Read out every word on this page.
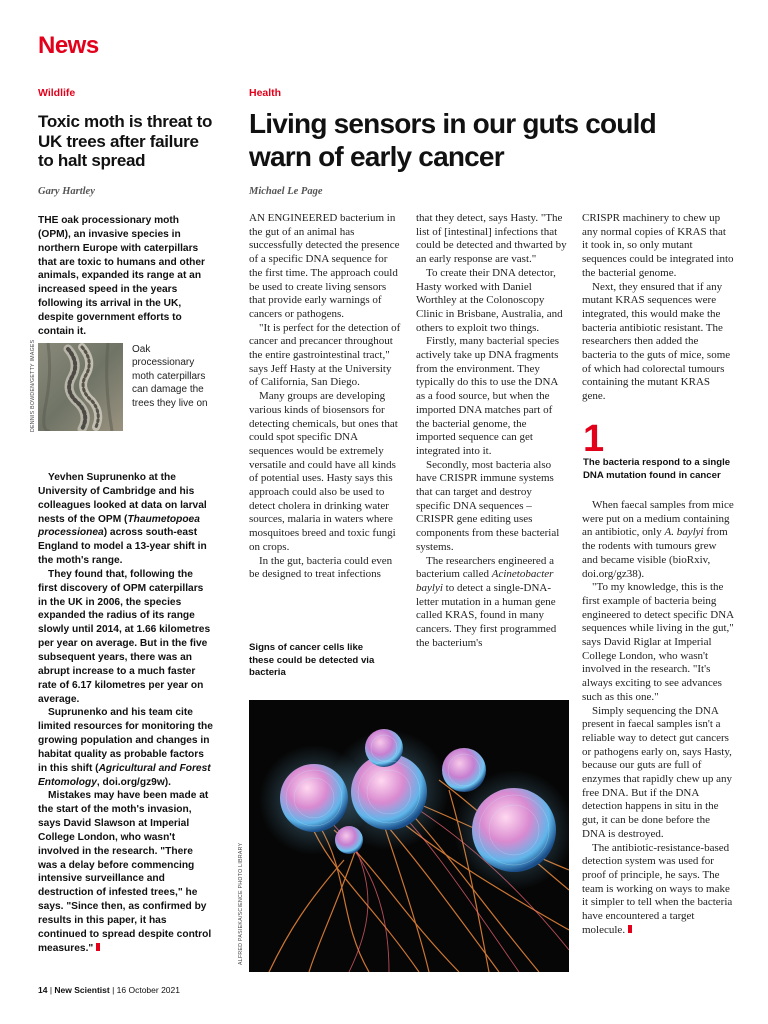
News
Wildlife
Toxic moth is threat to UK trees after failure to halt spread
Gary Hartley

THE oak processionary moth (OPM), an invasive species in northern Europe with caterpillars that are toxic to humans and other animals, expanded its range at an increased speed in the years following its arrival in the UK, despite government efforts to contain it.

DENNIS BOWDEN/GETTY IMAGES	Oak processionary moth caterpillars can damage the trees they live on

Yevhen Suprunenko at the University of Cambridge and his colleagues looked at data on larval nests of the OPM (Thaumetopoea processionea) across south-east England to model a 13-year shift in the moth's range.

They found that, following the first discovery of OPM caterpillars in the UK in 2006, the species expanded the radius of its range slowly until 2014, at 1.66 kilometres per year on average. But in the five subsequent years, there was an abrupt increase to a much faster rate of 6.17 kilometres per year on average.

Suprunenko and his team cite limited resources for monitoring the growing population and changes in habitat quality as probable factors in this shift (Agricultural and Forest Entomology, doi.org/gz9w).

Mistakes may have been made at the start of the moth's invasion, says David Slawson at Imperial College London, who wasn't involved in the research. "There was a delay before commencing intensive surveillance and destruction of infested trees," he says. "Since then, as confirmed by results in this paper, it has continued to spread despite control measures."

Health
Living sensors in our guts could warn of early cancer
Michael Le Page

AN ENGINEERED bacterium in the gut of an animal has successfully detected the presence of a specific DNA sequence for the first time. The approach could be used to create living sensors that provide early warnings of cancers or pathogens.

"It is perfect for the detection of cancer and precancer throughout the entire gastrointestinal tract," says Jeff Hasty at the University of California, San Diego.

Many groups are developing various kinds of biosensors for detecting chemicals, but ones that could spot specific DNA sequences would be extremely versatile and could have all kinds of potential uses. Hasty says this approach could also be used to detect cholera in drinking water sources, malaria in waters where mosquitoes breed and toxic fungi on crops.

In the gut, bacteria could even be designed to treat infections

Signs of cancer cells like these could be detected via bacteria

that they detect, says Hasty. "The list of [intestinal] infections that could be detected and thwarted by an early response are vast."

To create their DNA detector, Hasty worked with Daniel Worthley at the Colonoscopy Clinic in Brisbane, Australia, and others to exploit two things.

Firstly, many bacterial species actively take up DNA fragments from the environment. They typically do this to use the DNA as a food source, but when the imported DNA matches part of the bacterial genome, the imported sequence can get integrated into it.

Secondly, most bacteria also have CRISPR immune systems that can target and destroy specific DNA sequences – CRISPR gene editing uses components from these bacterial systems.

The researchers engineered a bacterium called Acinetobacter baylyi to detect a single-DNA-letter mutation in a human gene called KRAS, found in many cancers. They first programmed the bacterium's

CRISPR machinery to chew up any normal copies of KRAS that it took in, so only mutant sequences could be integrated into the bacterial genome.

Next, they ensured that if any mutant KRAS sequences were integrated, this would make the bacteria antibiotic resistant. The researchers then added the bacteria to the guts of mice, some of which had colorectal tumours containing the mutant KRAS gene.

1
The bacteria respond to a single DNA mutation found in cancer

When faecal samples from mice were put on a medium containing an antibiotic, only A. baylyi from the rodents with tumours grew and became visible (bioRxiv, doi.org/gz38).

"To my knowledge, this is the first example of bacteria being engineered to detect specific DNA sequences while living in the gut," says David Riglar at Imperial College London, who wasn't involved in the research. "It's always exciting to see advances such as this one."

Simply sequencing the DNA present in faecal samples isn't a reliable way to detect gut cancers or pathogens early on, says Hasty, because our guts are full of enzymes that rapidly chew up any free DNA. But if the DNA detection happens in situ in the gut, it can be done before the DNA is destroyed.

The antibiotic-resistance-based detection system was used for proof of principle, he says. The team is working on ways to make it simpler to tell when the bacteria have encountered a target molecule.

ALFRED PASIEKA/SCIENCE PHOTO LIBRARY
14 | New Scientist | 16 October 2021
